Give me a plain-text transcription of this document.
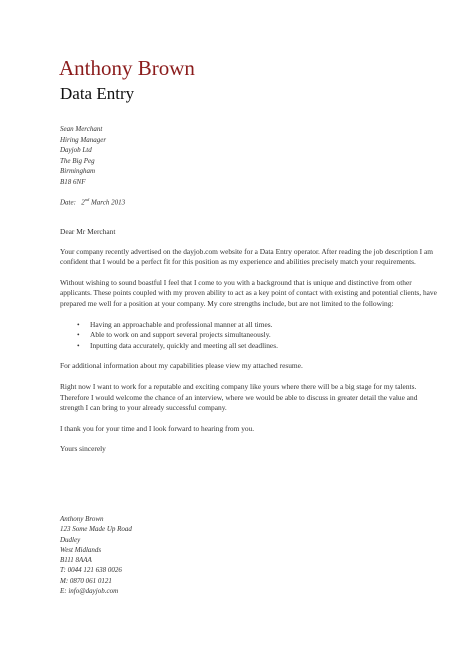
Anthony Brown
Data Entry
Sean Merchant
Hiring Manager
Dayjob Ltd
The Big Peg
Birmingham
B18 6NF
Date: 2nd March 2013

Dear Mr Merchant

Your company recently advertised on the dayjob.com website for a Data Entry operator. After reading the job description I am confident that I would be a perfect fit for this position as my experience and abilities precisely match your requirements.

Without wishing to sound boastful I feel that I come to you with a background that is unique and distinctive from other applicants. These points coupled with my proven ability to act as a key point of contact with existing and potential clients, have prepared me well for a position at your company. My core strengths include, but are not limited to the following:

• Having an approachable and professional manner at all times.
• Able to work on and support several projects simultaneously.
• Inputting data accurately, quickly and meeting all set deadlines.

For additional information about my capabilities please view my attached resume.

Right now I want to work for a reputable and exciting company like yours where there will be a big stage for my talents. Therefore I would welcome the chance of an interview, where we would be able to discuss in greater detail the value and strength I can bring to your already successful company.

I thank you for your time and I look forward to hearing from you.

Yours sincerely

Anthony Brown
123 Some Made Up Road
Dudley
West Midlands
B111 8AAA
T: 0044 121 638 0026
M: 0870 061 0121
E: info@dayjob.com
